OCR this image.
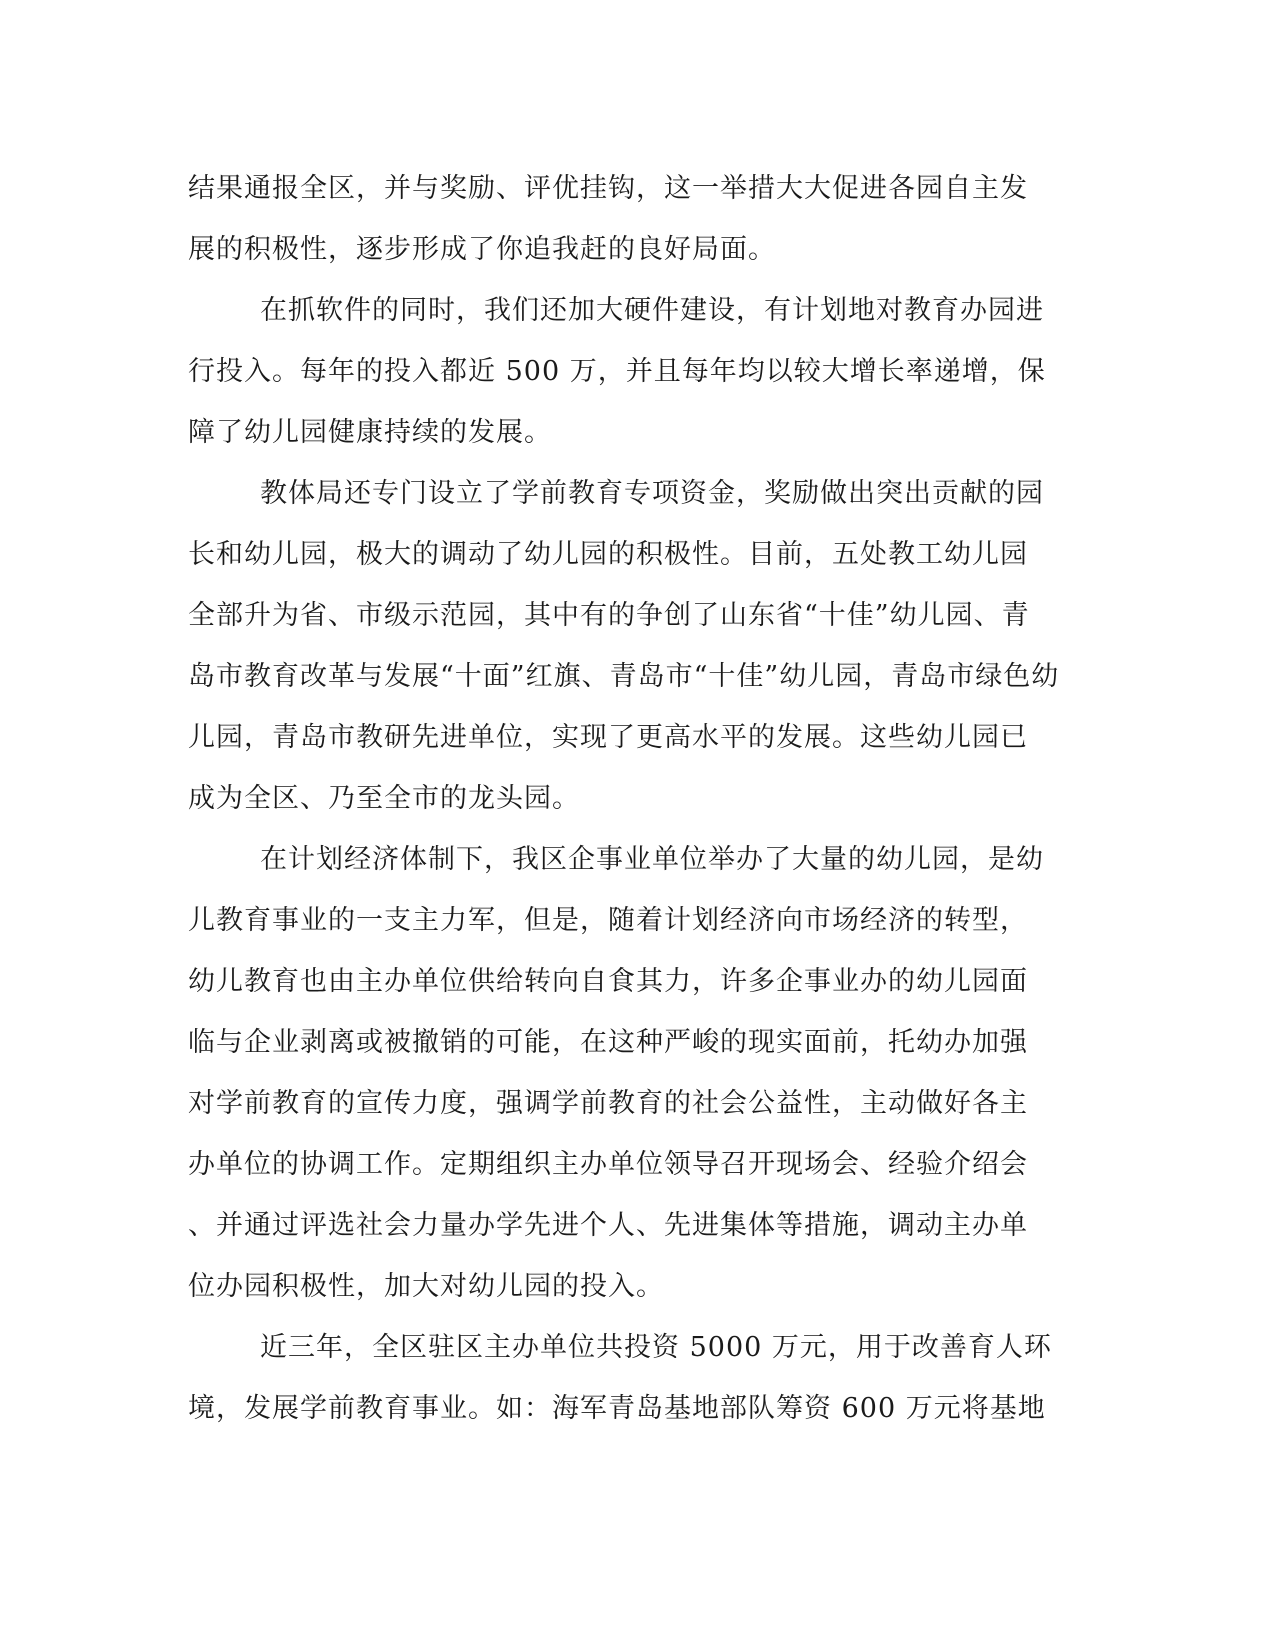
结果通报全区，并与奖励、评优挂钩，这一举措大大促进各园自主发
展的积极性，逐步形成了你追我赶的良好局面。
在抓软件的同时，我们还加大硬件建设，有计划地对教育办园进
行投入。每年的投入都近 500 万，并且每年均以较大增长率递增，保
障了幼儿园健康持续的发展。
教体局还专门设立了学前教育专项资金，奖励做出突出贡献的园
长和幼儿园，极大的调动了幼儿园的积极性。目前，五处教工幼儿园
全部升为省、市级示范园，其中有的争创了山东省“十佳”幼儿园、青
岛市教育改革与发展“十面”红旗、青岛市“十佳”幼儿园，青岛市绿色幼
儿园，青岛市教研先进单位，实现了更高水平的发展。这些幼儿园已
成为全区、乃至全市的龙头园。
在计划经济体制下，我区企事业单位举办了大量的幼儿园，是幼
儿教育事业的一支主力军，但是，随着计划经济向市场经济的转型，
幼儿教育也由主办单位供给转向自食其力，许多企事业办的幼儿园面
临与企业剥离或被撤销的可能，在这种严峻的现实面前，托幼办加强
对学前教育的宣传力度，强调学前教育的社会公益性，主动做好各主
办单位的协调工作。定期组织主办单位领导召开现场会、经验介绍会
、并通过评选社会力量办学先进个人、先进集体等措施，调动主办单
位办园积极性，加大对幼儿园的投入。
近三年，全区驻区主办单位共投资 5000 万元，用于改善育人环
境，发展学前教育事业。如：海军青岛基地部队筹资 600 万元将基地
